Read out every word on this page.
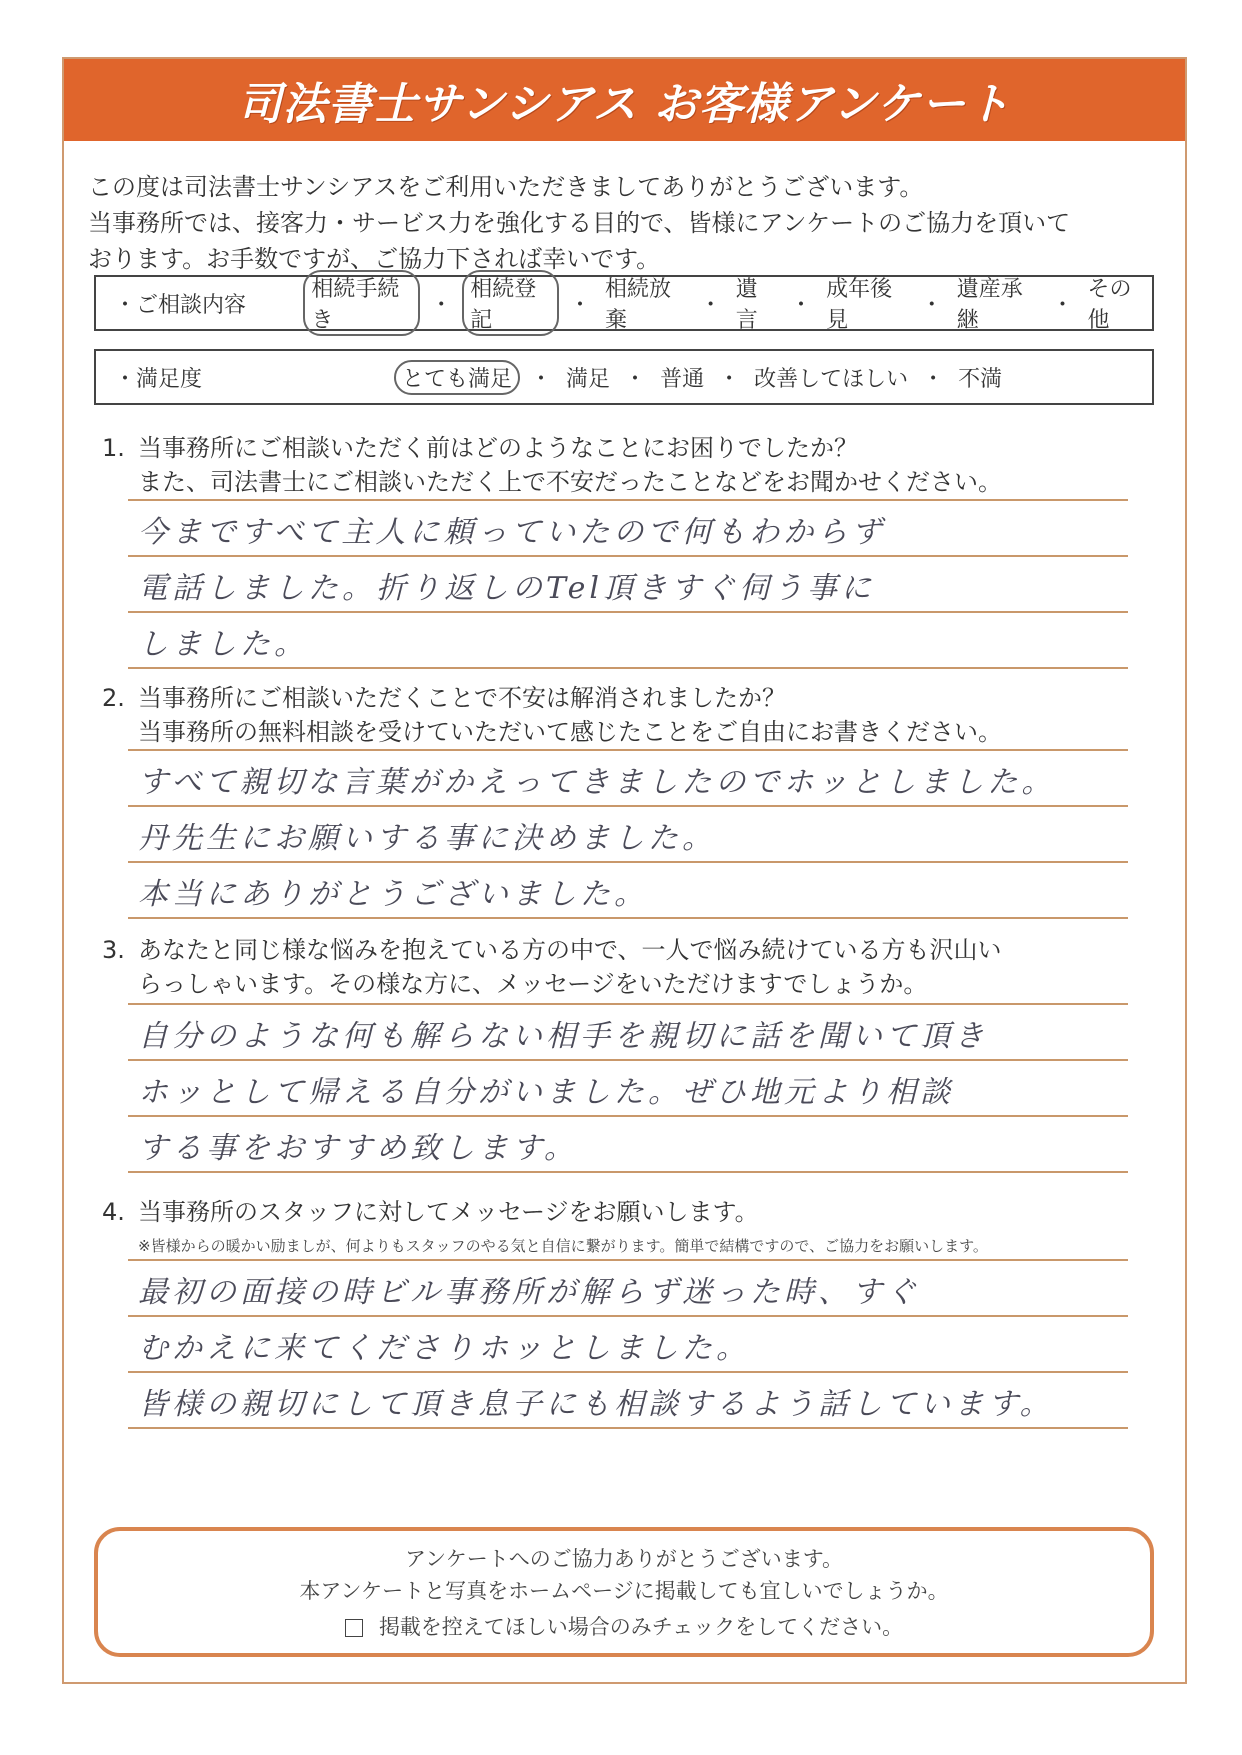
司法書士サンシアス お客様アンケート
この度は司法書士サンシアスをご利用いただきましてありがとうございます。
当事務所では、接客力・サービス力を強化する目的で、皆様にアンケートのご協力を頂いて
おります。お手数ですが、ご協力下されば幸いです。
・ご相談内容
相続手続き
・
相続登記
・
相続放棄
・
遺言
・
成年後見
・
遺産承継
・
その他
・満足度	とても満足 ・ 満足 ・ 普通 ・ 改善してほしい ・ 不満
1. 当事務所にご相談いただく前はどのようなことにお困りでしたか？
また、司法書士にご相談いただく上で不安だったことなどをお聞かせください。
今まですべて主人に頼っていたので何もわからず
電話しました。折り返しのTel頂きすぐ伺う事に
しました。
2. 当事務所にご相談いただくことで不安は解消されましたか？
当事務所の無料相談を受けていただいて感じたことをご自由にお書きください。
すべて親切な言葉がかえってきましたのでホッとしました。
丹先生にお願いする事に決めました。
本当にありがとうございました。
3. あなたと同じ様な悩みを抱えている方の中で、一人で悩み続けている方も沢山い
らっしゃいます。その様な方に、メッセージをいただけますでしょうか。
自分のような何も解らない相手を親切に話を聞いて頂き
ホッとして帰える自分がいました。ぜひ地元より相談
する事をおすすめ致します。
4. 当事務所のスタッフに対してメッセージをお願いします。
※皆様からの暖かい励ましが、何よりもスタッフのやる気と自信に繋がります。簡単で結構ですので、ご協力をお願いします。
最初の面接の時ビル事務所が解らず迷った時、すぐ
むかえに来てくださりホッとしました。
皆様の親切にして頂き息子にも相談するよう話しています。
アンケートへのご協力ありがとうございます。
本アンケートと写真をホームページに掲載しても宜しいでしょうか。
掲載を控えてほしい場合のみチェックをしてください。
